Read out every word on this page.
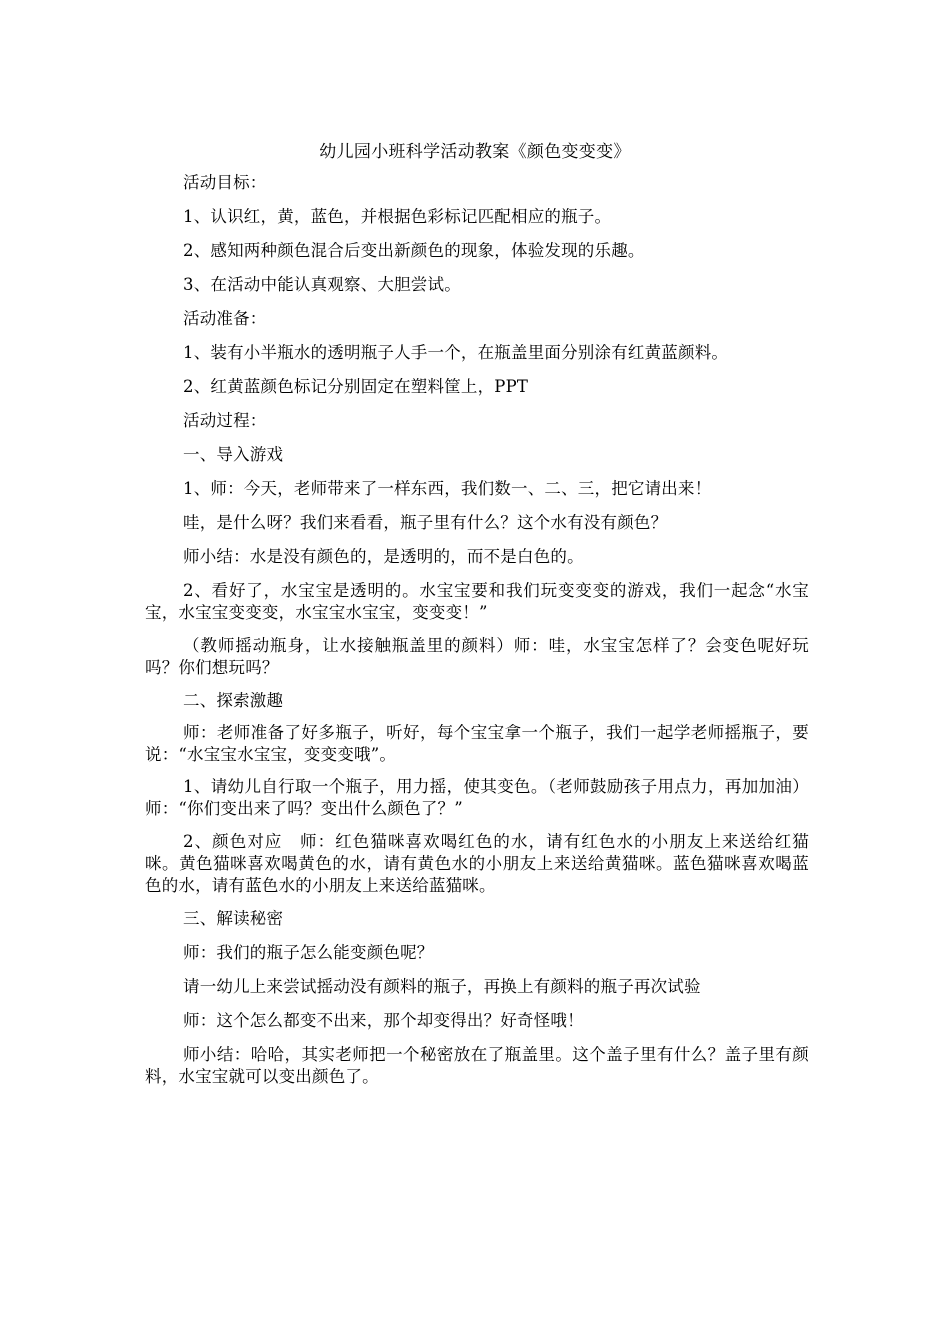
幼儿园小班科学活动教案《颜色变变变》

活动目标：

1、认识红，黄，蓝色，并根据色彩标记匹配相应的瓶子。

2、感知两种颜色混合后变出新颜色的现象，体验发现的乐趣。

3、在活动中能认真观察、大胆尝试。

活动准备：

1、装有小半瓶水的透明瓶子人手一个，在瓶盖里面分别涂有红黄蓝颜料。

2、红黄蓝颜色标记分别固定在塑料筐上，PPT

活动过程：

一、导入游戏

1、师：今天，老师带来了一样东西，我们数一、二、三，把它请出来！

哇，是什么呀？我们来看看，瓶子里有什么？这个水有没有颜色？

师小结：水是没有颜色的，是透明的，而不是白色的。

2、看好了，水宝宝是透明的。水宝宝要和我们玩变变变的游戏，我们一起念“水宝宝，水宝宝变变变，水宝宝水宝宝，变变变！”

（教师摇动瓶身，让水接触瓶盖里的颜料）师：哇，水宝宝怎样了？会变色呢好玩吗？你们想玩吗？

二、探索激趣

师：老师准备了好多瓶子，听好，每个宝宝拿一个瓶子，我们一起学老师摇瓶子，要说：“水宝宝水宝宝，变变变哦”。

1、请幼儿自行取一个瓶子，用力摇，使其变色。（老师鼓励孩子用点力，再加加油）师：“你们变出来了吗？变出什么颜色了？”

2、颜色对应　师：红色猫咪喜欢喝红色的水，请有红色水的小朋友上来送给红猫咪。黄色猫咪喜欢喝黄色的水，请有黄色水的小朋友上来送给黄猫咪。蓝色猫咪喜欢喝蓝色的水，请有蓝色水的小朋友上来送给蓝猫咪。

三、解读秘密

师：我们的瓶子怎么能变颜色呢？

请一幼儿上来尝试摇动没有颜料的瓶子，再换上有颜料的瓶子再次试验

师：这个怎么都变不出来，那个却变得出？好奇怪哦！

师小结：哈哈，其实老师把一个秘密放在了瓶盖里。这个盖子里有什么？盖子里有颜料，水宝宝就可以变出颜色了。
